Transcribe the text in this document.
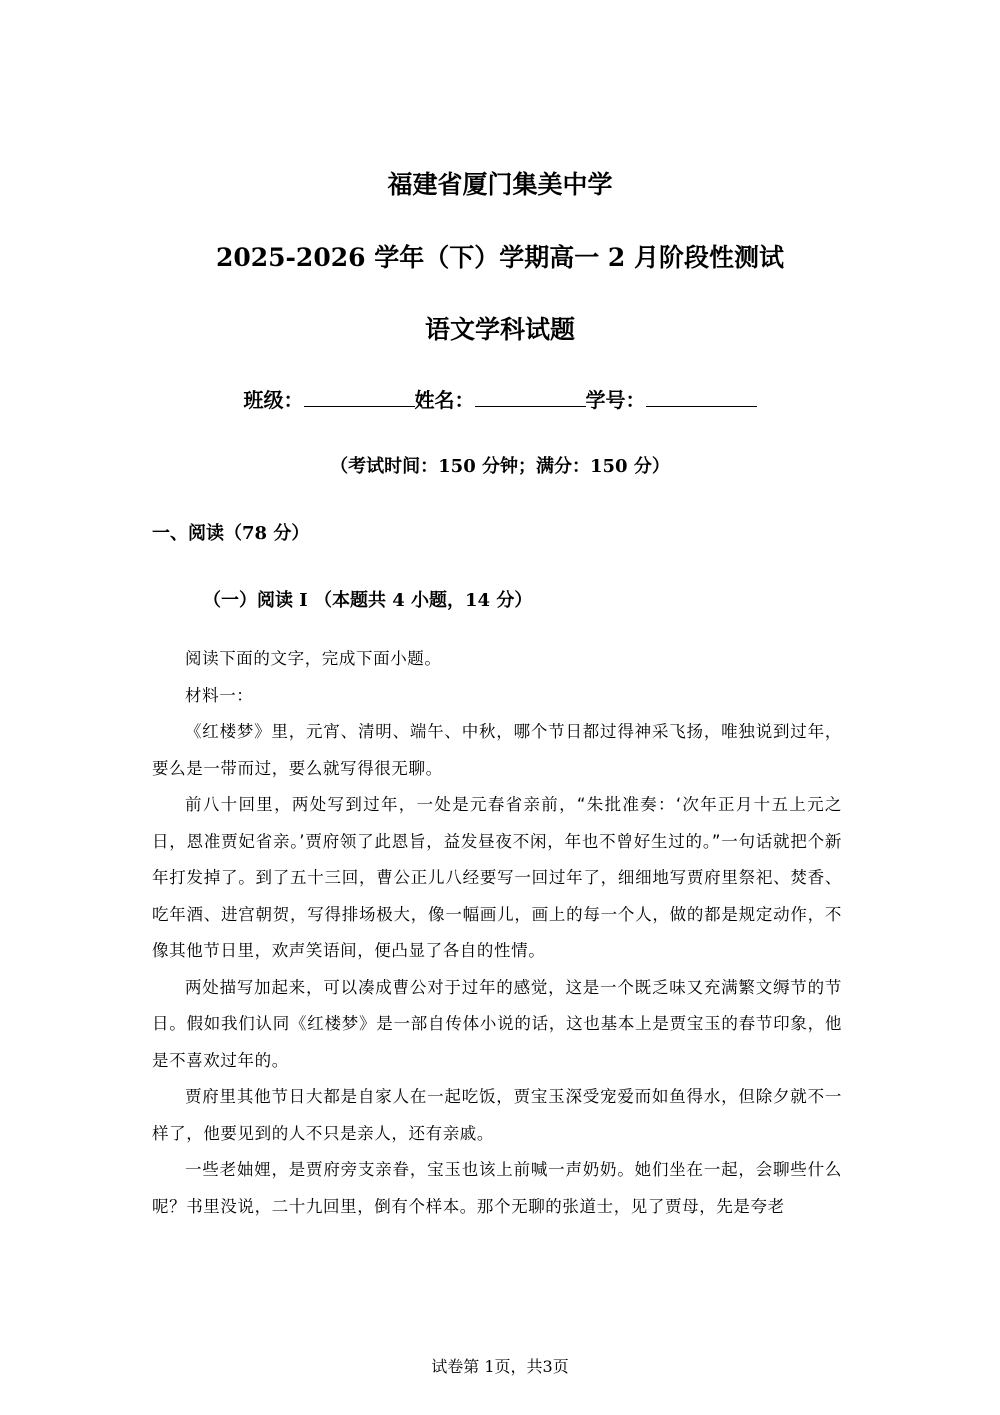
福建省厦门集美中学
2025-2026 学年（下）学期高一 2 月阶段性测试
语文学科试题
班级：	姓名：	学号：
（考试时间：150 分钟；满分：150 分）
一、阅读（78 分）
（一）阅读 I （本题共 4 小题，14 分）

阅读下面的文字，完成下面小题。

材料一：

《红楼梦》里，元宵、清明、端午、中秋，哪个节日都过得神采飞扬，唯独说到过年，要么是一带而过，要么就写得很无聊。

前八十回里，两处写到过年，一处是元春省亲前，“朱批准奏：‘次年正月十五上元之日，恩准贾妃省亲。’贾府领了此恩旨，益发昼夜不闲，年也不曾好生过的。”一句话就把个新年打发掉了。到了五十三回，曹公正儿八经要写一回过年了，细细地写贾府里祭祀、焚香、吃年酒、进宫朝贺，写得排场极大，像一幅画儿，画上的每一个人，做的都是规定动作，不像其他节日里，欢声笑语间，便凸显了各自的性情。

两处描写加起来，可以凑成曹公对于过年的感觉，这是一个既乏味又充满繁文缛节的节日。假如我们认同《红楼梦》是一部自传体小说的话，这也基本上是贾宝玉的春节印象，他是不喜欢过年的。

贾府里其他节日大都是自家人在一起吃饭，贾宝玉深受宠爱而如鱼得水，但除夕就不一样了，他要见到的人不只是亲人，还有亲戚。

一些老妯娌，是贾府旁支亲眷，宝玉也该上前喊一声奶奶。她们坐在一起，会聊些什么呢？书里没说，二十九回里，倒有个样本。那个无聊的张道士，见了贾母，先是夸老

试卷第 1页，共3页
